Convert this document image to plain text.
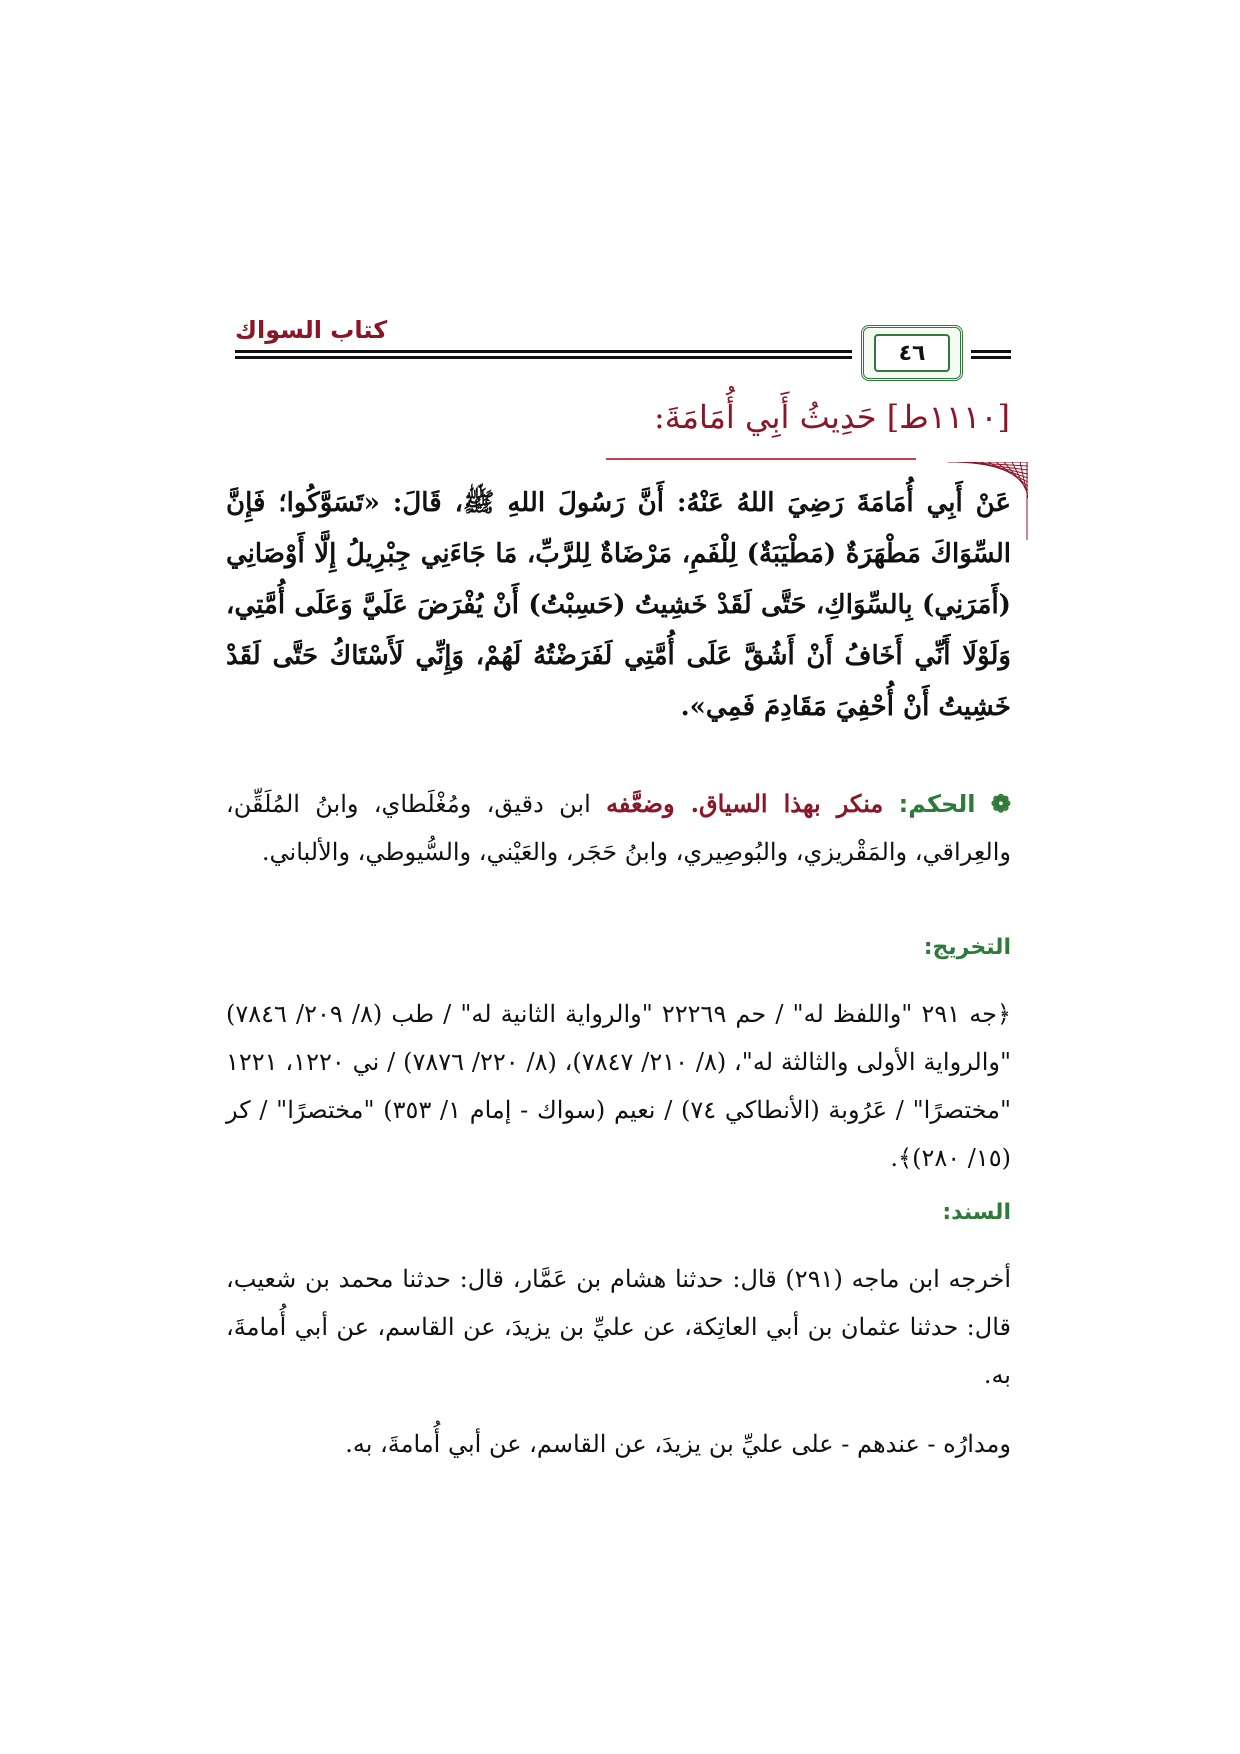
كتاب السواك
٤٦
[١١١٠ط] حَدِيثُ أَبِي أُمَامَةَ:
عَنْ أَبِي أُمَامَةَ رَضِيَ اللهُ عَنْهُ: أَنَّ رَسُولَ اللهِ ﷺ، قَالَ: «تَسَوَّكُوا؛ فَإِنَّ السِّوَاكَ مَطْهَرَةٌ (مَطْيَبَةٌ) لِلْفَمِ، مَرْضَاةٌ لِلرَّبِّ، مَا جَاءَنِي جِبْرِيلُ إِلَّا أَوْصَانِي (أَمَرَنِي) بِالسِّوَاكِ، حَتَّى لَقَدْ خَشِيتُ (حَسِبْتُ) أَنْ يُفْرَضَ عَلَيَّ وَعَلَى أُمَّتِي، وَلَوْلَا أَنِّي أَخَافُ أَنْ أَشُقَّ عَلَى أُمَّتِي لَفَرَضْتُهُ لَهُمْ، وَإِنِّي لَأَسْتَاكُ حَتَّى لَقَدْ خَشِيتُ أَنْ أُحْفِيَ مَقَادِمَ فَمِي».
❁ الحكم: منكر بهذا السياق. وضعَّفه ابن دقيق، ومُغْلَطاي، وابنُ المُلَقِّن، والعِراقي، والمَقْريزي، والبُوصِيري، وابنُ حَجَر، والعَيْني، والسُّيوطي، والألباني.
التخريج:
﴿جه ٢٩١ "واللفظ له" / حم ٢٢٢٦٩ "والرواية الثانية له" / طب (٨/ ٢٠٩/ ٧٨٤٦) "والرواية الأولى والثالثة له"، (٨/ ٢١٠/ ٧٨٤٧)، (٨/ ٢٢٠/ ٧٨٧٦) / ني ١٢٢٠، ١٢٢١ "مختصرًا" / عَرُوبة (الأنطاكي ٧٤) / نعيم (سواك - إمام ١/ ٣٥٣) "مختصرًا" / كر (١٥/ ٢٨٠)﴾.
السند:
أخرجه ابن ماجه (٢٩١) قال: حدثنا هشام بن عَمَّار، قال: حدثنا محمد بن شعيب، قال: حدثنا عثمان بن أبي العاتِكة، عن عليِّ بن يزيدَ، عن القاسم، عن أبي أُمامةَ، به.
ومدارُه - عندهم - على عليِّ بن يزيدَ، عن القاسم، عن أبي أُمامةَ، به.
